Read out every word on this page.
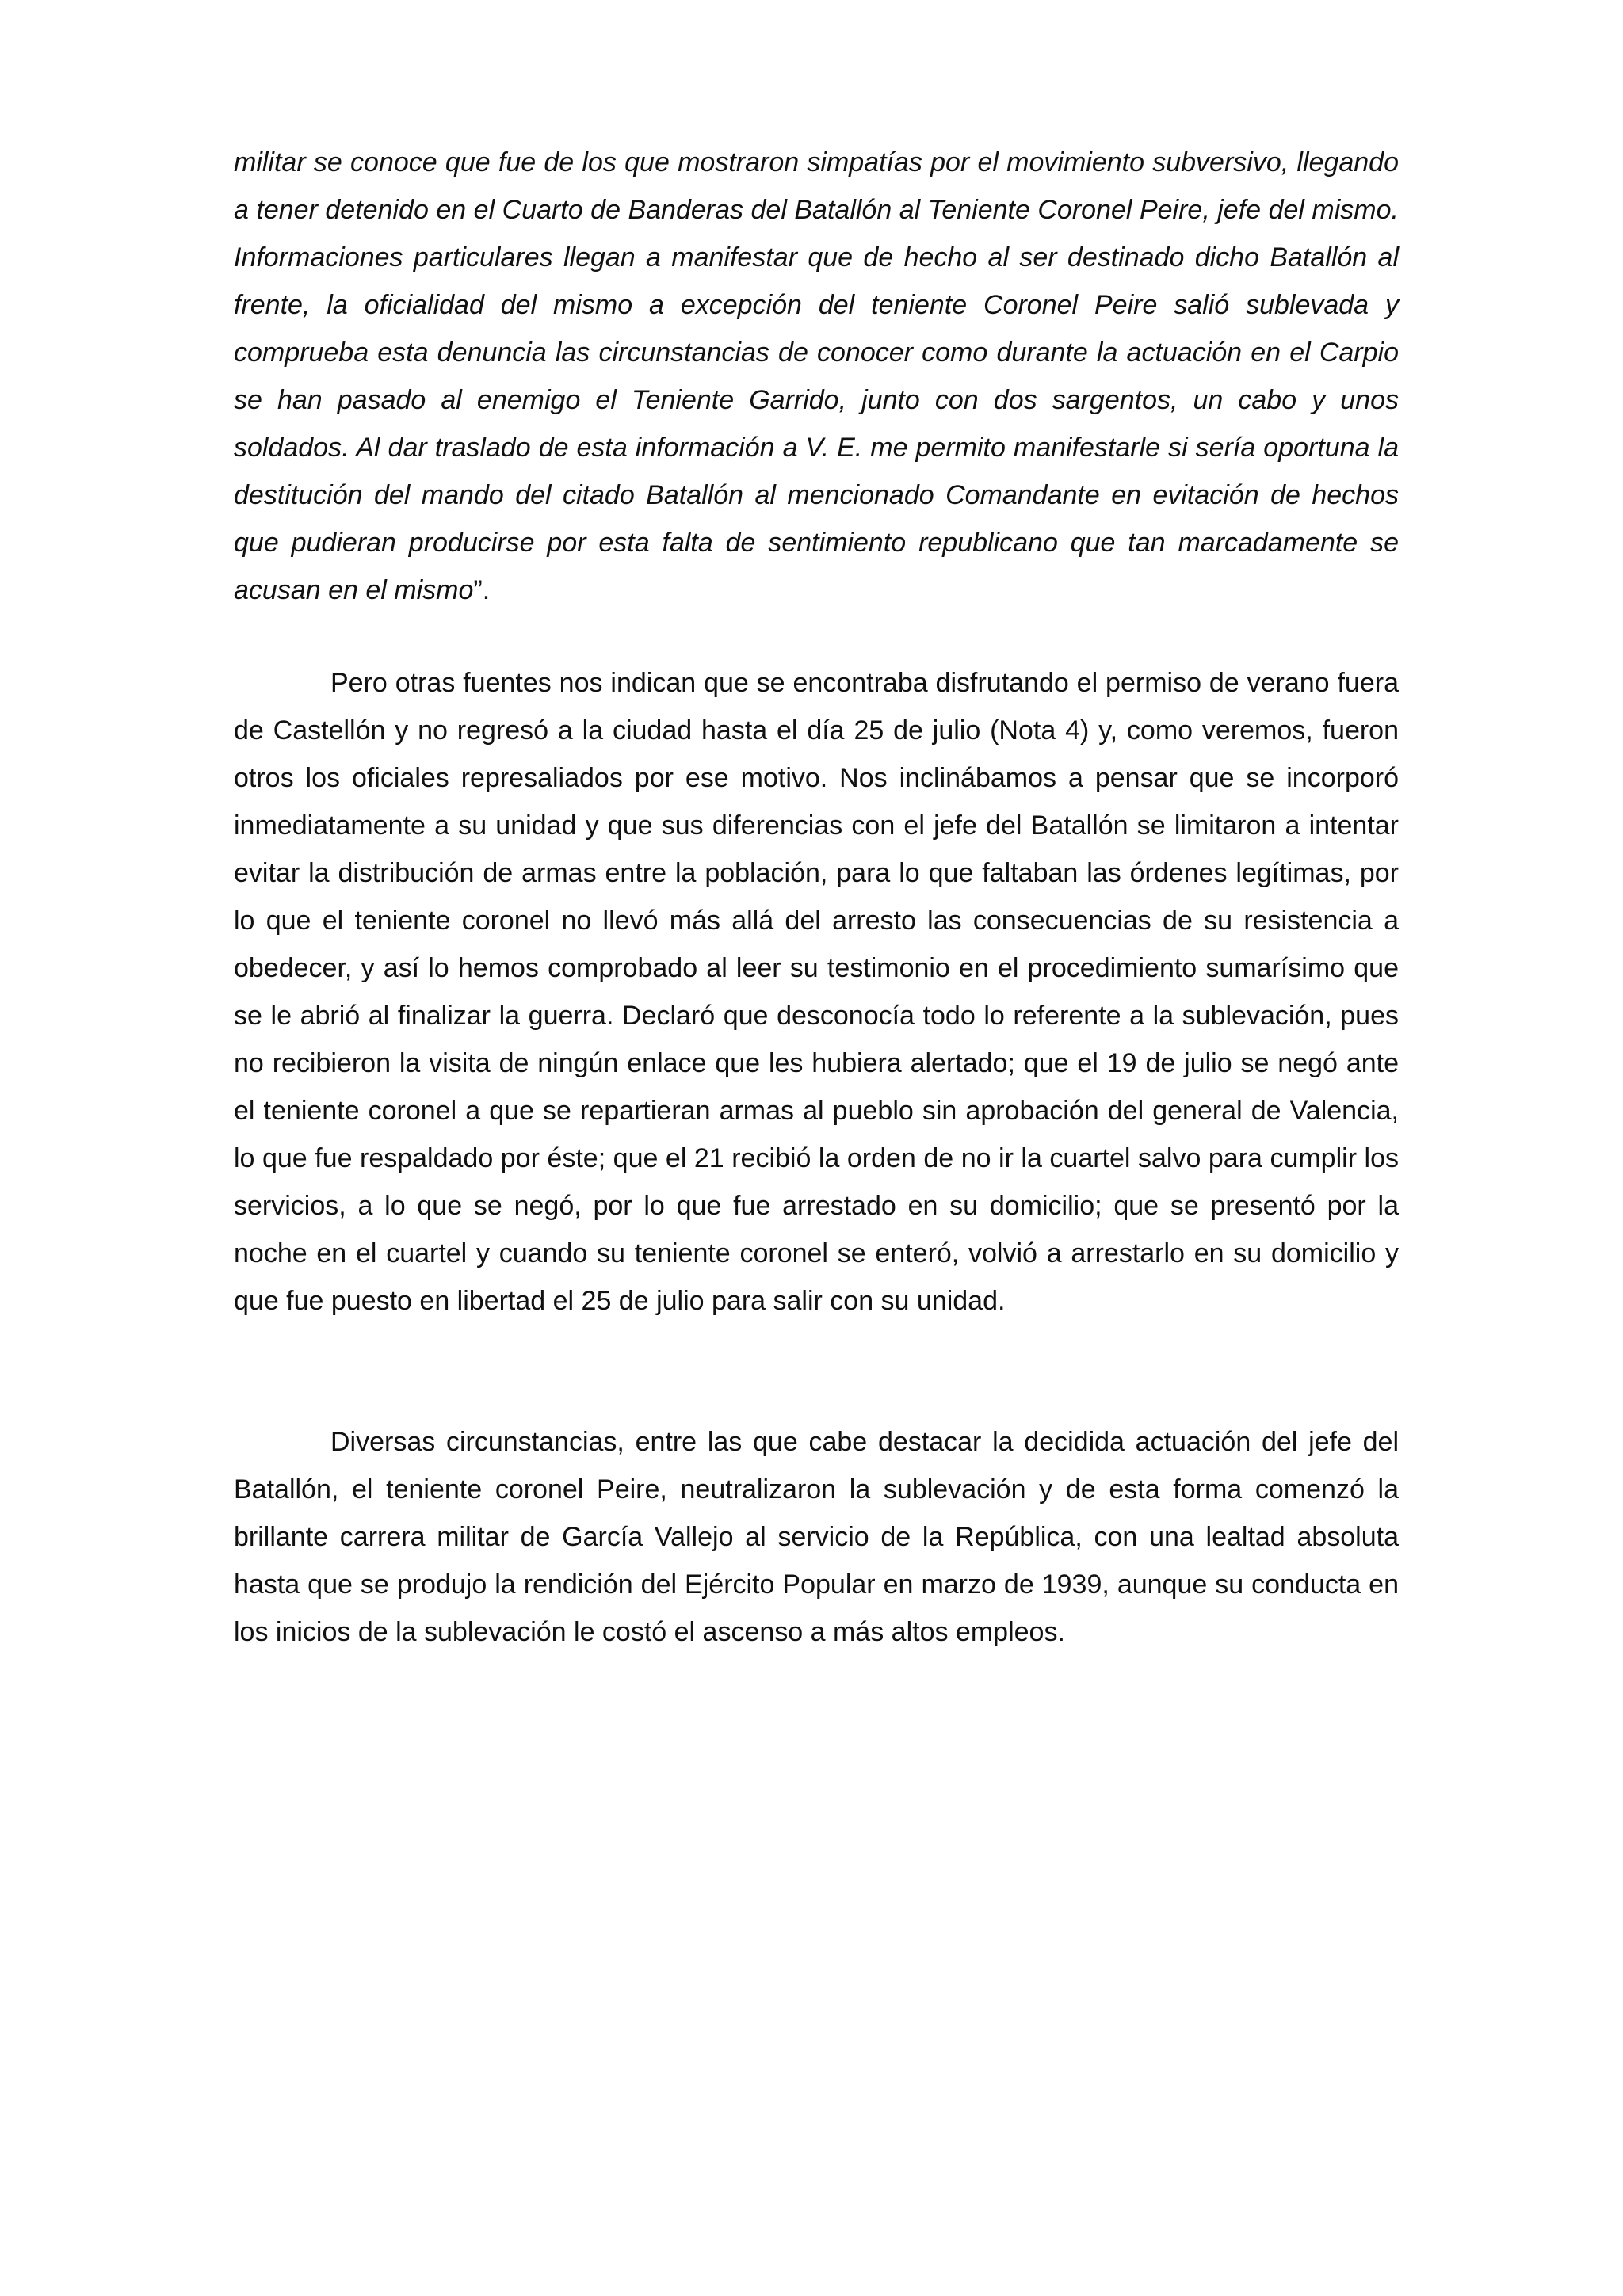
militar se conoce que fue de los que mostraron simpatías por el movimiento subversivo, llegando a tener detenido en el Cuarto de Banderas del Batallón al Teniente Coronel Peire, jefe del mismo. Informaciones particulares llegan a manifestar que de hecho al ser destinado dicho Batallón al frente, la oficialidad del mismo a excepción del teniente Coronel Peire salió sublevada y comprueba esta denuncia las circunstancias de conocer como durante la actuación en el Carpio se han pasado al enemigo el Teniente Garrido, junto con dos sargentos, un cabo y unos soldados. Al dar traslado de esta información a V. E. me permito manifestarle si sería oportuna la destitución del mando del citado Batallón al mencionado Comandante en evitación de hechos que pudieran producirse por esta falta de sentimiento republicano que tan marcadamente se acusan en el mismo”.

Pero otras fuentes nos indican que se encontraba disfrutando el permiso de verano fuera de Castellón y no regresó a la ciudad hasta el día 25 de julio (Nota 4) y, como veremos, fueron otros los oficiales represaliados por ese motivo. Nos inclinábamos a pensar que se incorporó inmediatamente a su unidad y que sus diferencias con el jefe del Batallón se limitaron a intentar evitar la distribución de armas entre la población, para lo que faltaban las órdenes legítimas, por lo que el teniente coronel no llevó más allá del arresto las consecuencias de su resistencia a obedecer, y así lo hemos comprobado al leer su testimonio en el procedimiento sumarísimo que se le abrió al finalizar la guerra. Declaró que desconocía todo lo referente a la sublevación, pues no recibieron la visita de ningún enlace que les hubiera alertado; que el 19 de julio se negó ante el teniente coronel a que se repartieran armas al pueblo sin aprobación del general de Valencia, lo que fue respaldado por éste; que el 21 recibió la orden de no ir la cuartel salvo para cumplir los servicios, a lo que se negó, por lo que fue arrestado en su domicilio; que se presentó por la noche en el cuartel y cuando su teniente coronel se enteró, volvió a arrestarlo en su domicilio y que fue puesto en libertad el 25 de julio para salir con su unidad.

Diversas circunstancias, entre las que cabe destacar la decidida actuación del jefe del Batallón, el teniente coronel Peire, neutralizaron la sublevación y de esta forma comenzó la brillante carrera militar de García Vallejo al servicio de la República, con una lealtad absoluta hasta que se produjo la rendición del Ejército Popular en marzo de 1939, aunque su conducta en los inicios de la sublevación le costó el ascenso a más altos empleos.
